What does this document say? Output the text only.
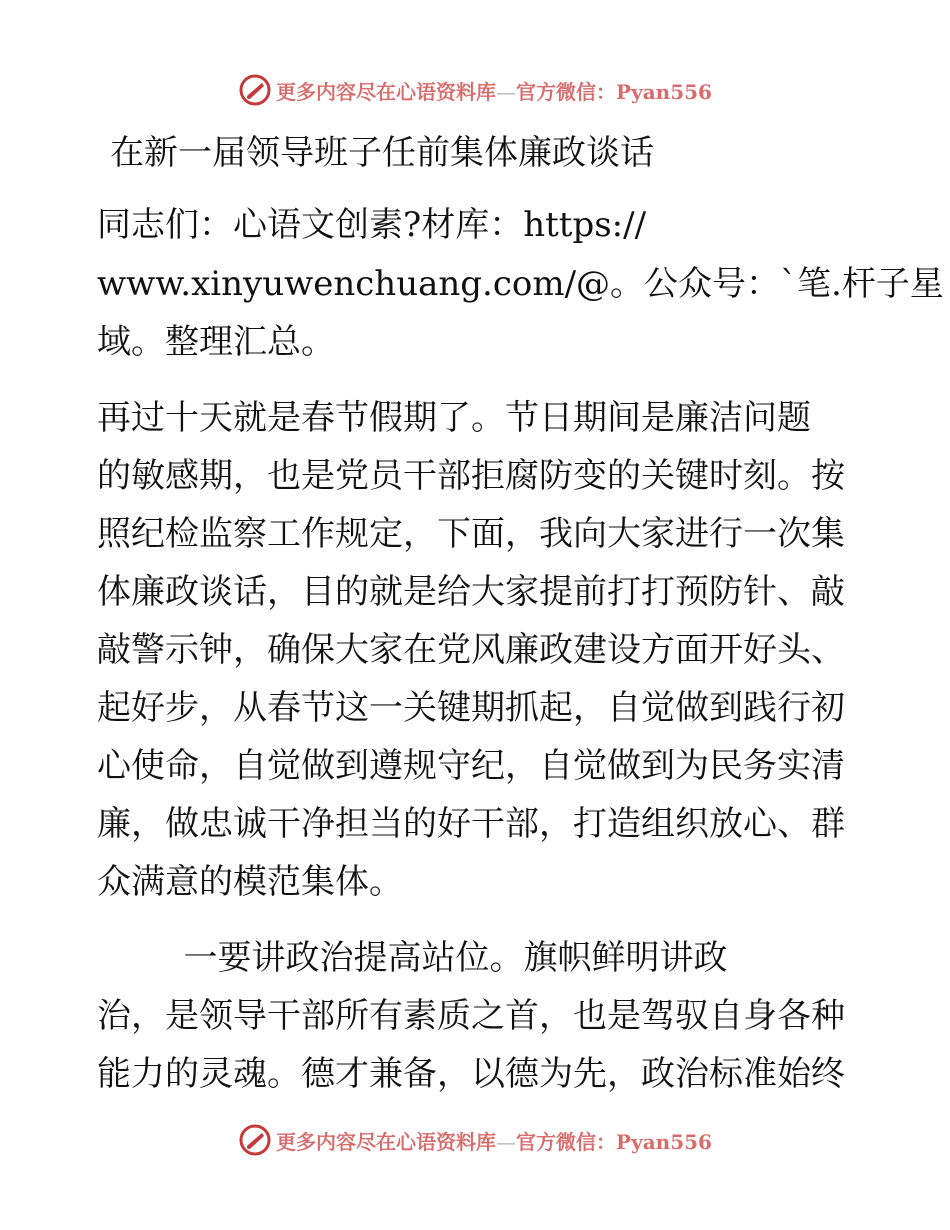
更多内容尽在心语资料库—官方微信：Pyan556
在新一届领导班子任前集体廉政谈话
同志们：心语文创素?材库：https://
www.xinyuwenchuang.com/@。公众号：`笔.杆子星
域。整理汇总。
再过十天就是春节假期了。节日期间是廉洁问题
的敏感期，也是党员干部拒腐防变的关键时刻。按
照纪检监察工作规定，下面，我向大家进行一次集
体廉政谈话，目的就是给大家提前打打预防针、敲
敲警示钟，确保大家在党风廉政建设方面开好头、
起好步，从春节这一关键期抓起，自觉做到践行初
心使命，自觉做到遵规守纪，自觉做到为民务实清
廉，做忠诚干净担当的好干部，打造组织放心、群
众满意的模范集体。
一要讲政治提高站位。旗帜鲜明讲政
治，是领导干部所有素质之首，也是驾驭自身各种
能力的灵魂。德才兼备，以德为先，政治标准始终
更多内容尽在心语资料库—官方微信：Pyan556
